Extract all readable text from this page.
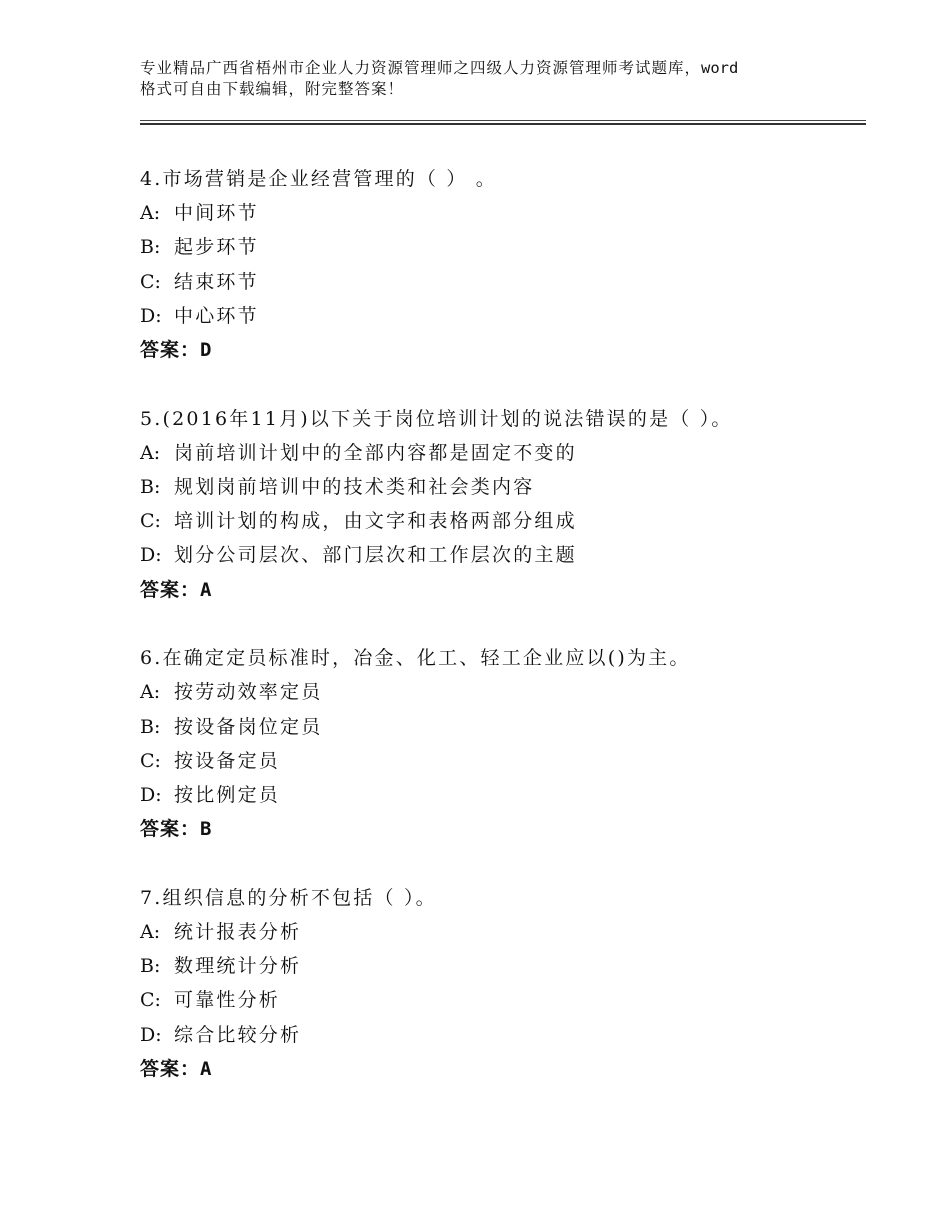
专业精品广西省梧州市企业人力资源管理师之四级人力资源管理师考试题库，word
格式可自由下载编辑，附完整答案！
4.市场营销是企业经营管理的（ ） 。
A: 中间环节
B: 起步环节
C: 结束环节
D: 中心环节
答案：D
5.(2016年11月)以下关于岗位培训计划的说法错误的是（ ）。
A: 岗前培训计划中的全部内容都是固定不变的
B: 规划岗前培训中的技术类和社会类内容
C: 培训计划的构成，由文字和表格两部分组成
D: 划分公司层次、部门层次和工作层次的主题
答案：A
6.在确定定员标准时，冶金、化工、轻工企业应以()为主。
A: 按劳动效率定员
B: 按设备岗位定员
C: 按设备定员
D: 按比例定员
答案：B
7.组织信息的分析不包括（ ）。
A: 统计报表分析
B: 数理统计分析
C: 可靠性分析
D: 综合比较分析
答案：A
